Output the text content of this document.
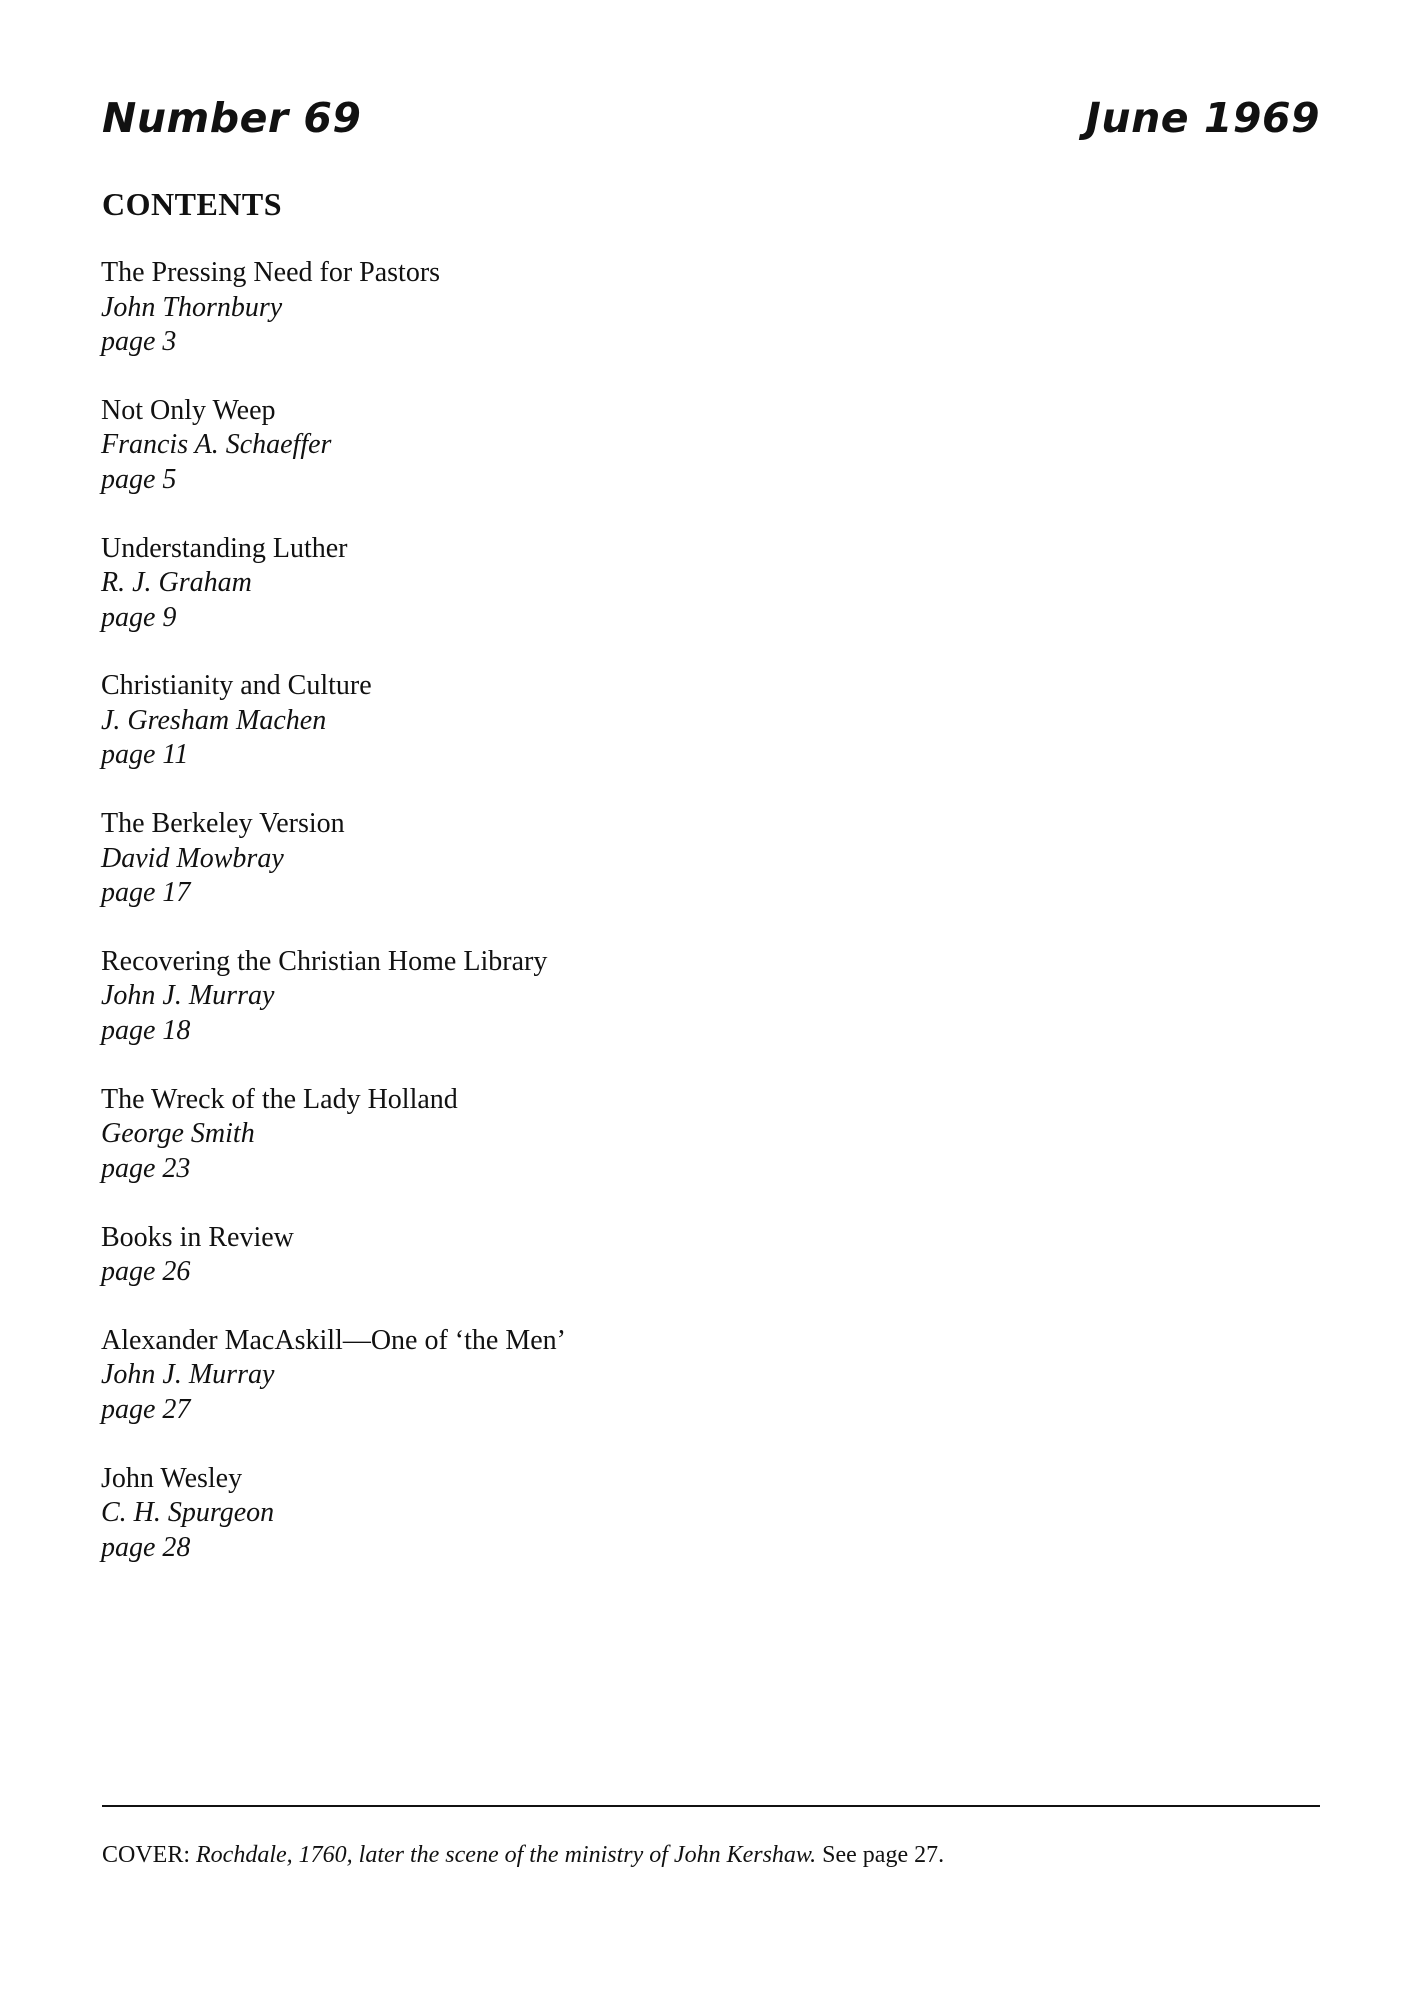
Number 69	June 1969
CONTENTS
The Pressing Need for Pastors
John Thornbury
page 3
Not Only Weep
Francis A. Schaeffer
page 5
Understanding Luther
R. J. Graham
page 9
Christianity and Culture
J. Gresham Machen
page 11
The Berkeley Version
David Mowbray
page 17
Recovering the Christian Home Library
John J. Murray
page 18
The Wreck of the Lady Holland
George Smith
page 23
Books in Review
page 26
Alexander MacAskill—One of ‘the Men’
John J. Murray
page 27
John Wesley
C. H. Spurgeon
page 28
COVER: Rochdale, 1760, later the scene of the ministry of John Kershaw. See page 27.
